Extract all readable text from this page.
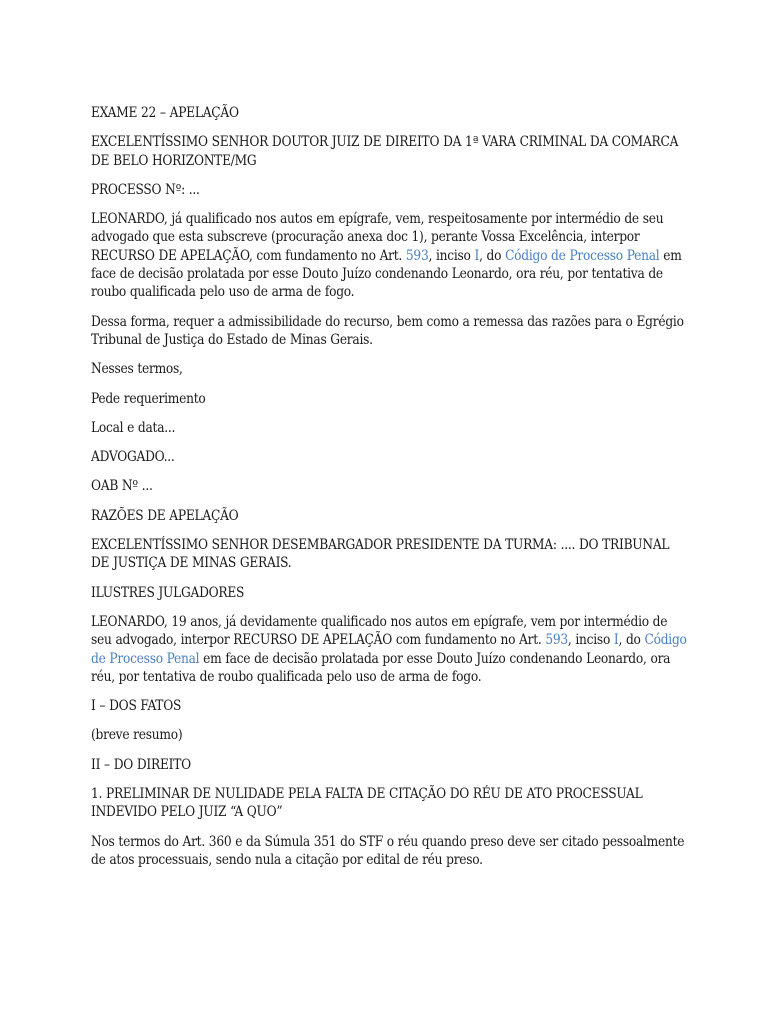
EXAME 22 – APELAÇÃO

EXCELENTÍSSIMO SENHOR DOUTOR JUIZ DE DIREITO DA 1ª VARA CRIMINAL DA COMARCA DE BELO HORIZONTE/MG

PROCESSO Nº: ...

LEONARDO, já qualificado nos autos em epígrafe, vem, respeitosamente por intermédio de seu advogado que esta subscreve (procuração anexa doc 1), perante Vossa Excelência, interpor RECURSO DE APELAÇÃO, com fundamento no Art. 593, inciso I, do Código de Processo Penal em face de decisão prolatada por esse Douto Juízo condenando Leonardo, ora réu, por tentativa de roubo qualificada pelo uso de arma de fogo.

Dessa forma, requer a admissibilidade do recurso, bem como a remessa das razões para o Egrégio Tribunal de Justiça do Estado de Minas Gerais.

Nesses termos,

Pede requerimento

Local e data...

ADVOGADO...

OAB Nº ...

RAZÕES DE APELAÇÃO

EXCELENTÍSSIMO SENHOR DESEMBARGADOR PRESIDENTE DA TURMA: .... DO TRIBUNAL DE JUSTIÇA DE MINAS GERAIS.

ILUSTRES JULGADORES

LEONARDO, 19 anos, já devidamente qualificado nos autos em epígrafe, vem por intermédio de seu advogado, interpor RECURSO DE APELAÇÃO com fundamento no Art. 593, inciso I, do Código de Processo Penal em face de decisão prolatada por esse Douto Juízo condenando Leonardo, ora réu, por tentativa de roubo qualificada pelo uso de arma de fogo.

I – DOS FATOS

(breve resumo)

II – DO DIREITO

1. PRELIMINAR DE NULIDADE PELA FALTA DE CITAÇÃO DO RÉU DE ATO PROCESSUAL INDEVIDO PELO JUIZ “A QUO”

Nos termos do Art. 360 e da Súmula 351 do STF o réu quando preso deve ser citado pessoalmente de atos processuais, sendo nula a citação por edital de réu preso.
